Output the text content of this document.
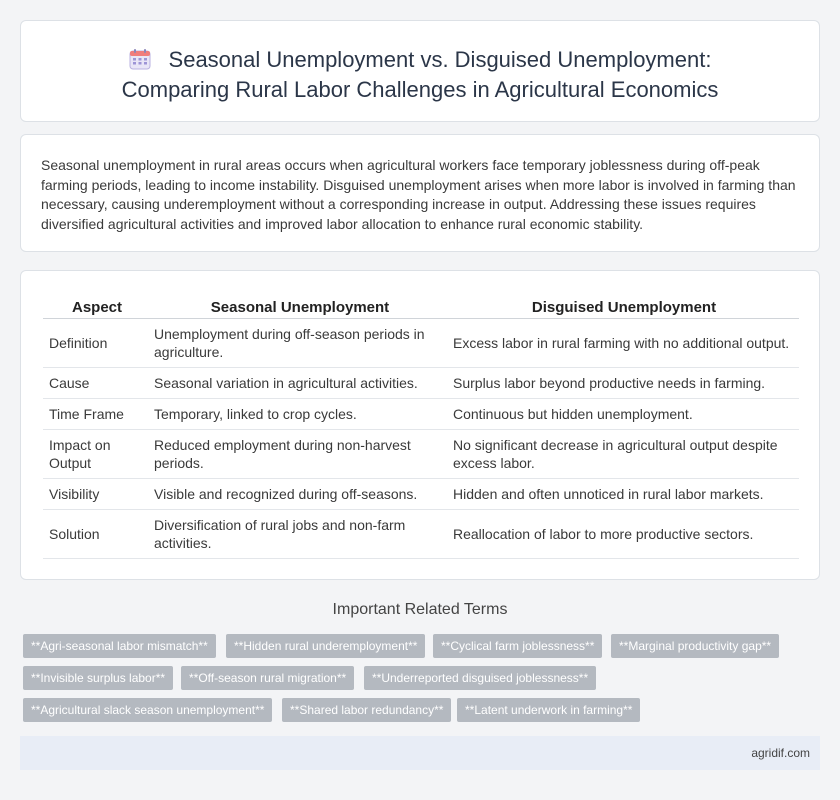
Seasonal Unemployment vs. Disguised Unemployment:
Comparing Rural Labor Challenges in Agricultural Economics

Seasonal unemployment in rural areas occurs when agricultural workers face temporary joblessness during off-peak farming periods, leading to income instability. Disguised unemployment arises when more labor is involved in farming than necessary, causing underemployment without a corresponding increase in output. Addressing these issues requires diversified agricultural activities and improved labor allocation to enhance rural economic stability.

Aspect	Seasonal Unemployment	Disguised Unemployment
Definition	Unemployment during off-season periods in agriculture.	Excess labor in rural farming with no additional output.
Cause	Seasonal variation in agricultural activities.	Surplus labor beyond productive needs in farming.
Time Frame	Temporary, linked to crop cycles.	Continuous but hidden unemployment.
Impact on Output	Reduced employment during non-harvest periods.	No significant decrease in agricultural output despite excess labor.
Visibility	Visible and recognized during off-seasons.	Hidden and often unnoticed in rural labor markets.
Solution	Diversification of rural jobs and non-farm activities.	Reallocation of labor to more productive sectors.
Important Related Terms
**Agri-seasonal labor mismatch**	**Hidden rural underemployment**	**Cyclical farm joblessness**	**Marginal productivity gap**
**Invisible surplus labor**	**Off-season rural migration**	**Underreported disguised joblessness**
**Agricultural slack season unemployment**	**Shared labor redundancy**	**Latent underwork in farming**
agridif.com
